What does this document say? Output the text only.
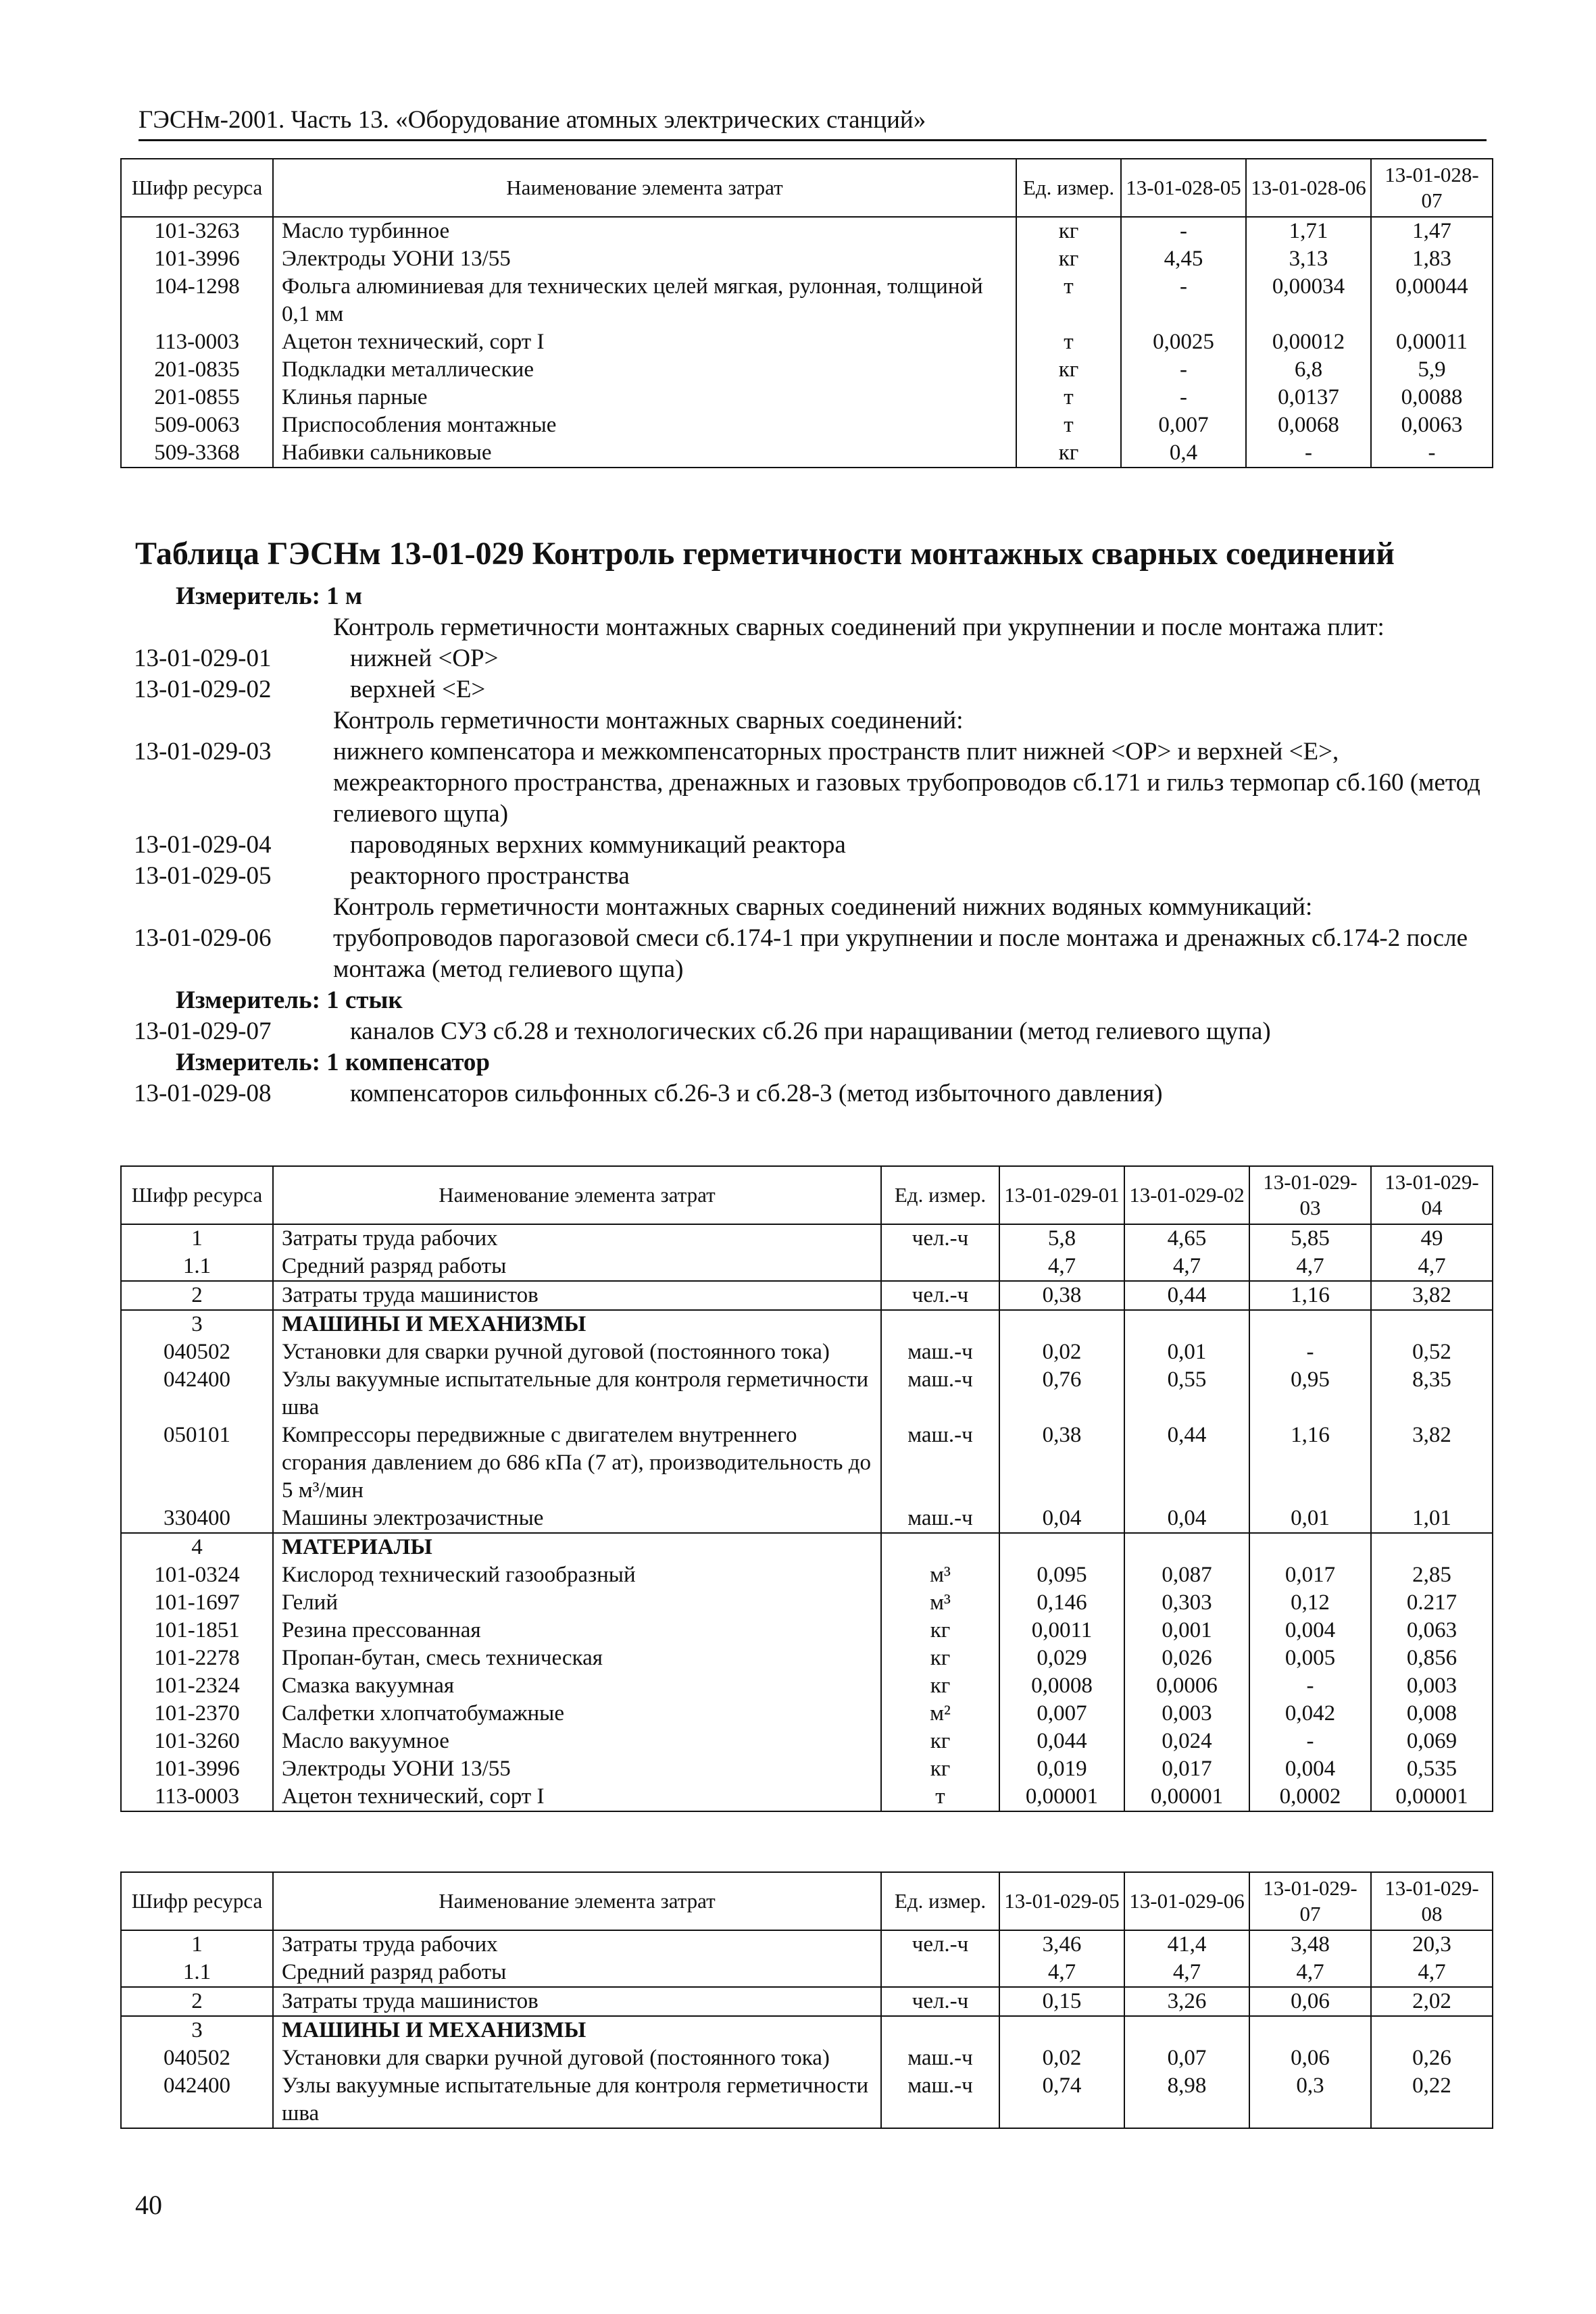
ГЭСНм-2001. Часть 13. «Оборудование атомных электрических станций»
Шифр ресурса	Наименование элемента затрат	Ед. измер.	13-01-028-05	13-01-028-06	13-01-028-07
101-3263	Масло турбинное	кг	-	1,71	1,47
101-3996	Электроды УОНИ 13/55	кг	4,45	3,13	1,83
104-1298	Фольга алюминиевая для технических целей мягкая, рулонная, толщиной 0,1 мм	т	-	0,00034	0,00044
113-0003	Ацетон технический, сорт I	т	0,0025	0,00012	0,00011
201-0835	Подкладки металлические	кг	-	6,8	5,9
201-0855	Клинья парные	т	-	0,0137	0,0088
509-0063	Приспособления монтажные	т	0,007	0,0068	0,0063
509-3368	Набивки сальниковые	кг	0,4	-	-
Таблица ГЭСНм 13-01-029 Контроль герметичности монтажных сварных соединений
Измеритель: 1 м
Контроль герметичности монтажных сварных соединений при укрупнении и после монтажа плит:
13-01-029-01	нижней <ОР>
13-01-029-02	верхней <Е>
Контроль герметичности монтажных сварных соединений:
13-01-029-03	нижнего компенсатора и межкомпенсаторных пространств плит нижней <ОР> и верхней <Е>, межреакторного пространства, дренажных и газовых трубопроводов сб.171 и гильз термопар сб.160 (метод гелиевого щупа)
13-01-029-04	пароводяных верхних коммуникаций реактора
13-01-029-05	реакторного пространства
Контроль герметичности монтажных сварных соединений нижних водяных коммуникаций:
13-01-029-06	трубопроводов парогазовой смеси сб.174-1 при укрупнении и после монтажа и дренажных сб.174-2 после монтажа (метод гелиевого щупа)
Измеритель: 1 стык
13-01-029-07	каналов СУЗ сб.28 и технологических сб.26 при наращивании (метод гелиевого щупа)
Измеритель: 1 компенсатор
13-01-029-08	компенсаторов сильфонных сб.26-3 и сб.28-3 (метод избыточного давления)
Шифр ресурса	Наименование элемента затрат	Ед. измер.	13-01-029-01	13-01-029-02	13-01-029-03	13-01-029-04
1	Затраты труда рабочих	чел.-ч	5,8	4,65	5,85	49
1.1	Средний разряд работы		4,7	4,7	4,7	4,7
2	Затраты труда машинистов	чел.-ч	0,38	0,44	1,16	3,82
3	МАШИНЫ И МЕХАНИЗМЫ					
040502	Установки для сварки ручной дуговой (постоянного тока)	маш.-ч	0,02	0,01	-	0,52
042400	Узлы вакуумные испытательные для контроля герметичности шва	маш.-ч	0,76	0,55	0,95	8,35
050101	Компрессоры передвижные с двигателем внутреннего сгорания давлением до 686 кПа (7 ат), производительность до 5 м³/мин	маш.-ч	0,38	0,44	1,16	3,82
330400	Машины электрозачистные	маш.-ч	0,04	0,04	0,01	1,01
4	МАТЕРИАЛЫ					
101-0324	Кислород технический газообразный	м³	0,095	0,087	0,017	2,85
101-1697	Гелий	м³	0,146	0,303	0,12	0.217
101-1851	Резина прессованная	кг	0,0011	0,001	0,004	0,063
101-2278	Пропан-бутан, смесь техническая	кг	0,029	0,026	0,005	0,856
101-2324	Смазка вакуумная	кг	0,0008	0,0006	-	0,003
101-2370	Салфетки хлопчатобумажные	м²	0,007	0,003	0,042	0,008
101-3260	Масло вакуумное	кг	0,044	0,024	-	0,069
101-3996	Электроды УОНИ 13/55	кг	0,019	0,017	0,004	0,535
113-0003	Ацетон технический, сорт I	т	0,00001	0,00001	0,0002	0,00001
Шифр ресурса	Наименование элемента затрат	Ед. измер.	13-01-029-05	13-01-029-06	13-01-029-07	13-01-029-08
1	Затраты труда рабочих	чел.-ч	3,46	41,4	3,48	20,3
1.1	Средний разряд работы		4,7	4,7	4,7	4,7
2	Затраты труда машинистов	чел.-ч	0,15	3,26	0,06	2,02
3	МАШИНЫ И МЕХАНИЗМЫ					
040502	Установки для сварки ручной дуговой (постоянного тока)	маш.-ч	0,02	0,07	0,06	0,26
042400	Узлы вакуумные испытательные для контроля герметичности шва	маш.-ч	0,74	8,98	0,3	0,22
40
